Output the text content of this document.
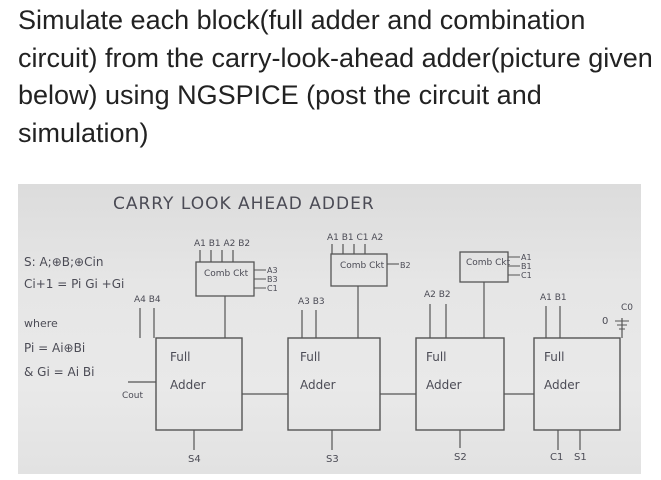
Simulate each block(full adder and combination circuit) from the carry-look-ahead adder(picture given below) using NGSPICE (post the circuit and simulation)
CARRY LOOK AHEAD ADDER
S: A;⊕B;⊕Cin
Ci+1 = Pi Gi +Gi
where
Pi = Ai⊕Bi
& Gi = Ai Bi
A1 B1 A2 B2
Comb Ckt A3
B3
C1
A1 B1 C1 A2
Comb Ckt B2	Comb Ckt
A1
B1
C1
A4 B4
Full
Adder
S4
Cout
A3 B3
Full
Adder
S3
A2 B2
Full
Adder
S2
A1 B1
Full
Adder
C1 S1
C0
0
